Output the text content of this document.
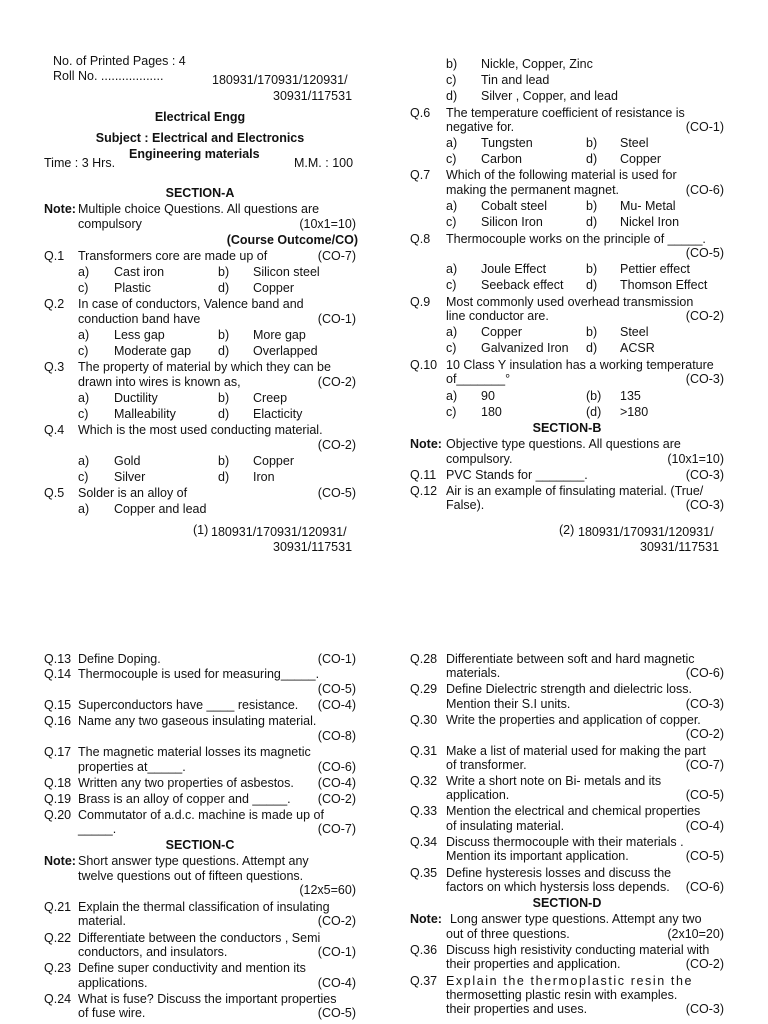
No. of Printed Pages : 4
Roll No. ..................	180931/170931/120931/
30931/117531
Electrical Engg
Subject : Electrical and Electronics
Engineering materials
Time : 3 Hrs.	M.M. : 100
SECTION-A
Note: Multiple choice Questions. All questions are
compulsory	(10x1=10)
(Course Outcome/CO)
Q.1 Transformers core are made up of	(CO-7)
a) Cast iron	b) Silicon steel
c) Plastic	d) Copper
Q.2 In case of conductors, Valence band and
conduction band have	(CO-1)
a) Less gap	b) More gap
c) Moderate gap d) Overlapped
Q.3 The property of material by which they can be
drawn into wires is known as,	(CO-2)
a) Ductility	b) Creep
c) Malleability	d) Elacticity
Q.4 Which is the most used conducting material.
(CO-2)
a) Gold	b) Copper
c) Silver	d) Iron
Q.5 Solder is an alloy of	(CO-5)
a) Copper and lead
(1) 180931/170931/120931/
30931/117531
b) Nickle, Copper, Zinc
c) Tin and lead
d) Silver , Copper, and lead
Q.6 The temperature coefficient of resistance is
negative for.	(CO-1)
a) Tungsten	b) Steel
c) Carbon	d) Copper
Q.7 Which of the following material is used for
making the permanent magnet.	(CO-6)
a) Cobalt steel	b) Mu- Metal
c) Silicon Iron	d) Nickel Iron
Q.8 Thermocouple works on the principle of _____.
(CO-5)
a) Joule Effect	b) Pettier effect
c) Seeback effect d) Thomson Effect
Q.9 Most commonly used overhead transmission
line conductor are.	(CO-2)
a) Copper	b) Steel
c) Galvanized Iron d) ACSR
Q.10 10 Class Y insulation has a working temperature
of_______°	(CO-3)
a) 90	(b) 135
c) 180	(d) >180
SECTION-B
Note: Objective type questions. All questions are
compulsory.	(10x1=10)
Q.11 PVC Stands for _______.	(CO-3)
Q.12 Air is an example of finsulating material. (True/
False).	(CO-3)
(2) 180931/170931/120931/
30931/117531
Q.13 Define Doping.	(CO-1)
Q.14 Thermocouple is used for measuring_____.
(CO-5)
Q.15 Superconductors have ____ resistance.	(CO-4)
Q.16 Name any two gaseous insulating material.
(CO-8)
Q.17 The magnetic material losses its magnetic
properties at_____.	(CO-6)
Q.18 Written any two properties of asbestos.	(CO-4)
Q.19 Brass is an alloy of copper and _____.	(CO-2)
Q.20 Commutator of a.d.c. machine is made up of
_____.	(CO-7)
SECTION-C
Note: Short answer type questions. Attempt any
twelve questions out of fifteen questions.
(12x5=60)
Q.21 Explain the thermal classification of insulating
material.	(CO-2)
Q.22 Differentiate between the conductors , Semi
conductors, and insulators.	(CO-1)
Q.23 Define super conductivity and mention its
applications.	(CO-4)
Q.24 What is fuse? Discuss the important properties
of fuse wire.	(CO-5)
Q.28 Differentiate between soft and hard magnetic
materials.	(CO-6)
Q.29 Define Dielectric strength and dielectric loss.
Mention their S.I units.	(CO-3)
Q.30 Write the properties and application of copper.
(CO-2)
Q.31 Make a list of material used for making the part
of transformer.	(CO-7)
Q.32 Write a short note on Bi- metals and its
application.	(CO-5)
Q.33 Mention the electrical and chemical properties
of insulating material.	(CO-4)
Q.34 Discuss thermocouple with their materials .
Mention its important application.	(CO-5)
Q.35 Define hysteresis losses and discuss the
factors on which hystersis loss depends.	(CO-6)
SECTION-D
Note: Long answer type questions. Attempt any two
out of three questions.	(2x10=20)
Q.36 Discuss high resistivity conducting material with
their properties and application.	(CO-2)
Q.37 Explain the thermoplastic resin the
thermosetting plastic resin with examples.
their properties and uses.	(CO-3)
